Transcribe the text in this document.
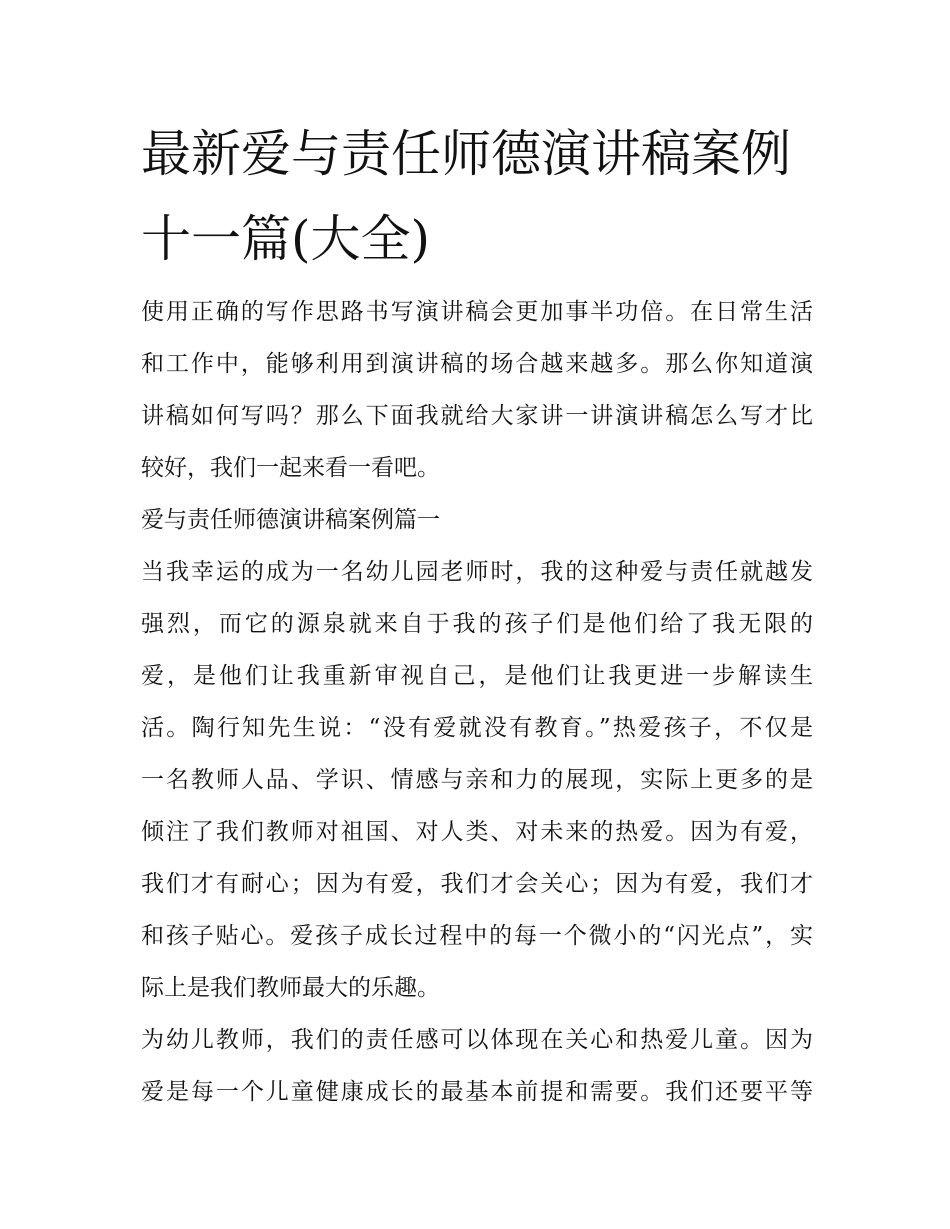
最新爱与责任师德演讲稿案例
十一篇(大全)
使用正确的写作思路书写演讲稿会更加事半功倍。在日常生活
和工作中，能够利用到演讲稿的场合越来越多。那么你知道演
讲稿如何写吗？那么下面我就给大家讲一讲演讲稿怎么写才比
较好，我们一起来看一看吧。
爱与责任师德演讲稿案例篇一
当我幸运的成为一名幼儿园老师时，我的这种爱与责任就越发
强烈，而它的源泉就来自于我的孩子们是他们给了我无限的
爱，是他们让我重新审视自己，是他们让我更进一步解读生
活。陶行知先生说：“没有爱就没有教育。”热爱孩子，不仅是
一名教师人品、学识、情感与亲和力的展现，实际上更多的是
倾注了我们教师对祖国、对人类、对未来的热爱。因为有爱，
我们才有耐心；因为有爱，我们才会关心；因为有爱，我们才
和孩子贴心。爱孩子成长过程中的每一个微小的“闪光点”，实
际上是我们教师最大的乐趣。
为幼儿教师，我们的责任感可以体现在关心和热爱儿童。因为
爱是每一个儿童健康成长的最基本前提和需要。我们还要平等
